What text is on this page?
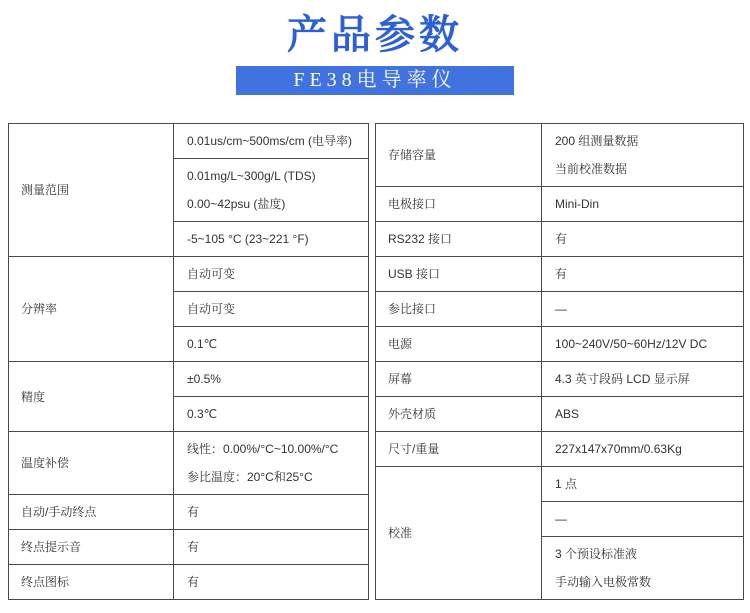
产品参数
FE38电导率仪
测量范围	0.01us/cm~500ms/cm (电导率)

	0.01mg/L~300g/L (TDS)
0.00~42psu (盐度)

	-5~105 °C (23~221 °F)

分辨率	自动可变

	自动可变

	0.1℃

精度	±0.5%

	0.3℃

温度补偿	线性：0.00%/°C~10.00%/°C
参比温度：20°C和25°C

自动/手动终点	有

终点提示音	有

终点图标	有
存储容量	200 组测量数据
当前校准数据

电极接口	Mini-Din

RS232 接口	有

USB 接口	有

参比接口	—

电源	100~240V/50~60Hz/12V DC

屏幕	4.3 英寸段码 LCD 显示屏

外壳材质	ABS

尺寸/重量	227x147x70mm/0.63Kg

校准	1 点

	—

	3 个预设标准液
手动输入电极常数
